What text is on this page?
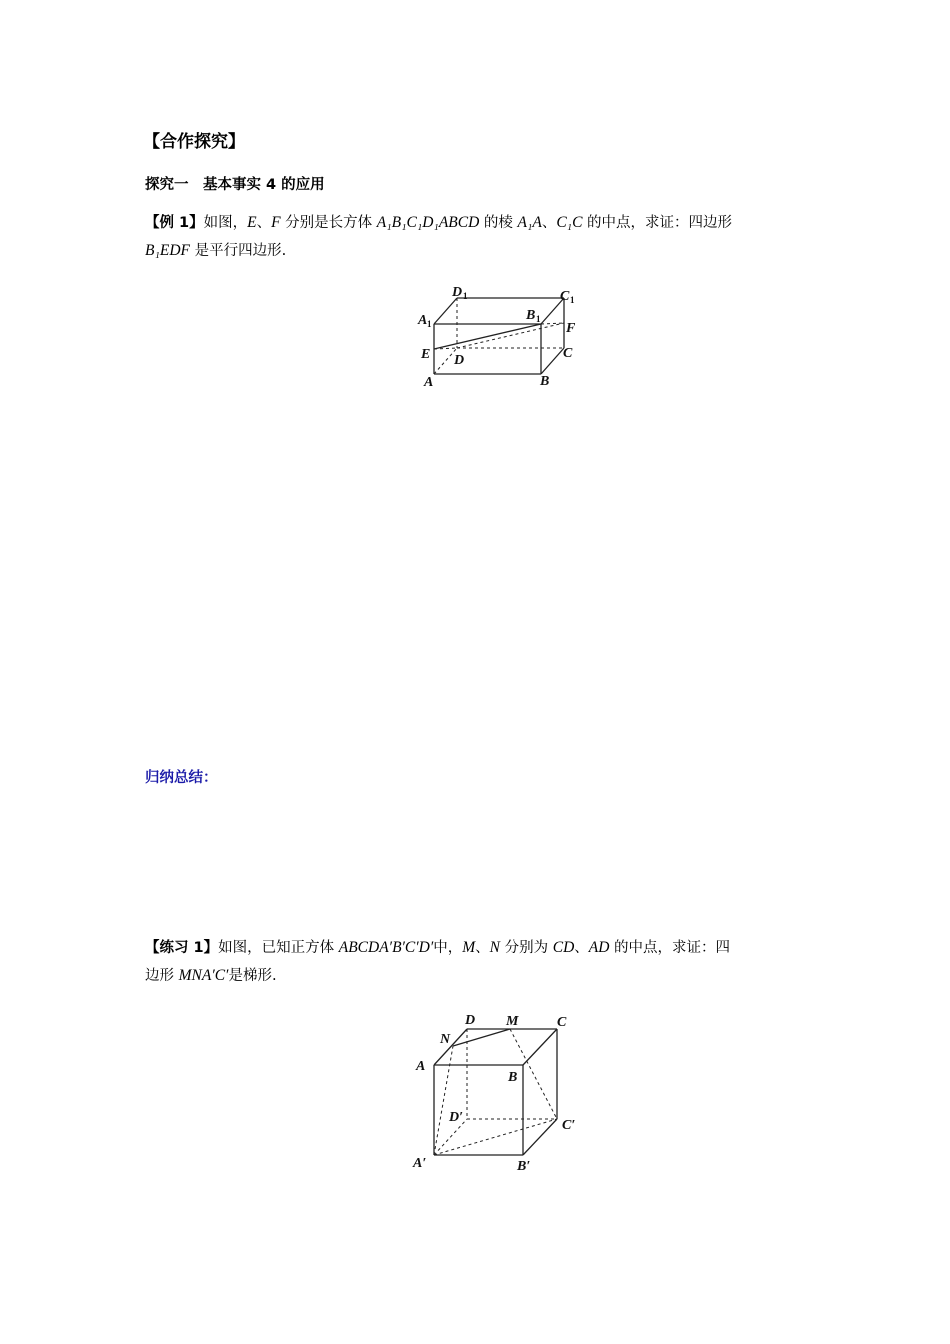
【合作探究】
探究一　基本事实 4 的应用
【例 1】如图，E、F 分别是长方体 A₁B₁C₁D₁ABCD 的棱 A₁A、C₁C 的中点，求证：四边形
B₁EDF 是平行四边形.
D 1	C 1
A 1
B 1
F
E D	C
A	B
归纳总结：
【练习 1】如图，已知正方体 ABCDA′B′C′D′中，M、N 分别为 CD、AD 的中点，求证：四
边形 MNA′C′是梯形.
D M	C
N
A
B
D′
C′
A′	B′
